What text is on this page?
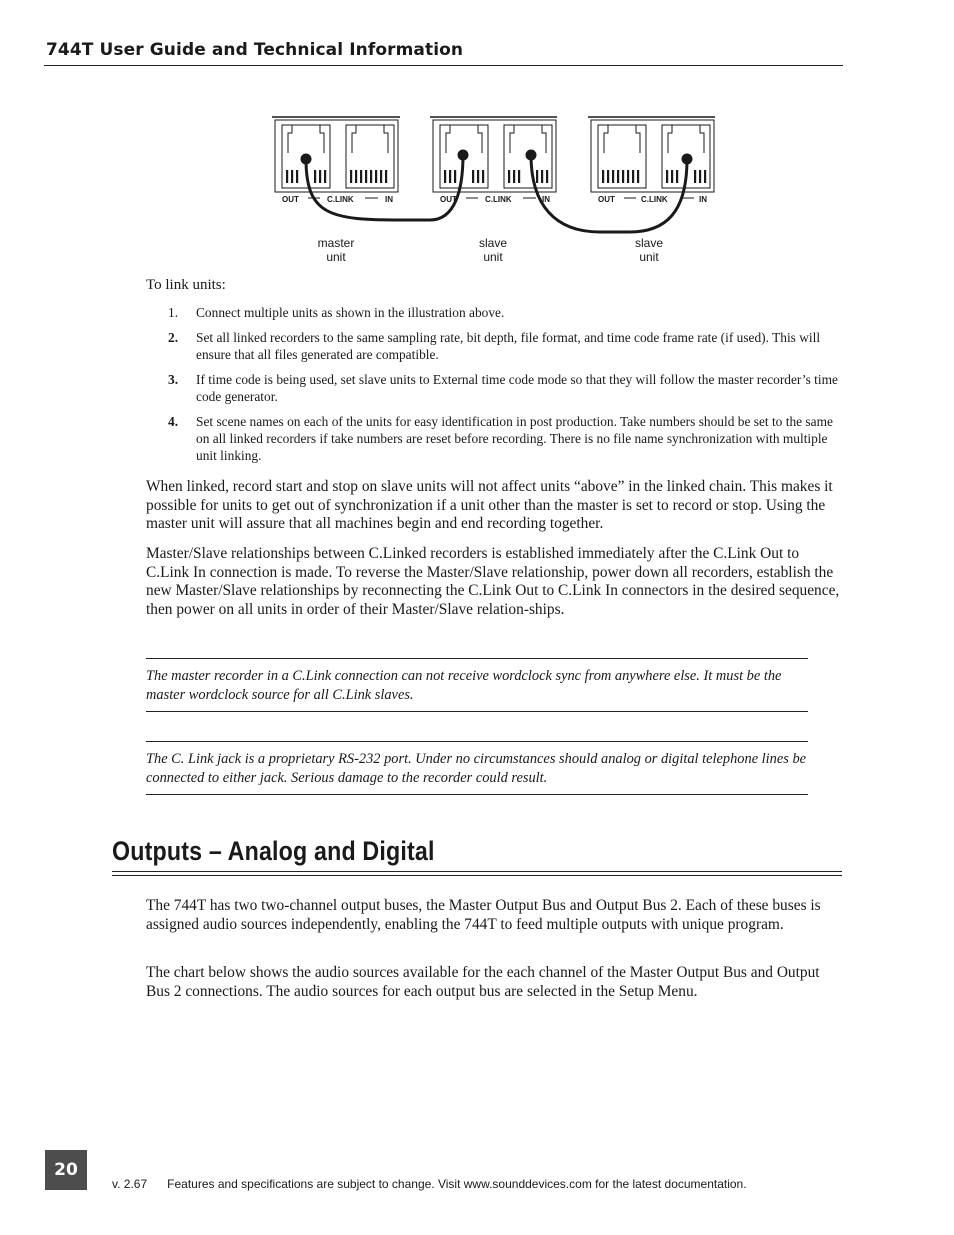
744T User Guide and Technical Information
OUT	C.LINK	IN	OUT	C.LINK	IN	OUT	C.LINK	IN
master
unit
slave
unit
slave
unit
To link units:
1. Connect multiple units as shown in the illustration above.
2. Set all linked recorders to the same sampling rate, bit depth, file format, and time code frame rate (if used). This will ensure that all files generated are compatible.
3. If time code is being used, set slave units to External time code mode so that they will follow the master recorder’s time code generator.
4. Set scene names on each of the units for easy identification in post production. Take numbers should be set to the same on all linked recorders if take numbers are reset before recording. There is no file name synchronization with multiple unit linking.
When linked, record start and stop on slave units will not affect units “above” in the linked chain. This makes it possible for units to get out of synchronization if a unit other than the master is set to record or stop. Using the master unit will assure that all machines begin and end recording together.
Master/Slave relationships between C.Linked recorders is established immediately after the C.Link Out to C.Link In connection is made. To reverse the Master/Slave relationship, power down all recorders, establish the new Master/Slave relationships by reconnecting the C.Link Out to C.Link In connectors in the desired sequence, then power on all units in order of their Master/Slave relation-ships.

The master recorder in a C.Link connection can not receive wordclock sync from anywhere else. It must be the master wordclock source for all C.Link slaves.

The C. Link jack is a proprietary RS-232 port. Under no circumstances should analog or digital telephone lines be connected to either jack. Serious damage to the recorder could result.

Outputs – Analog and Digital
The 744T has two two-channel output buses, the Master Output Bus and Output Bus 2. Each of these buses is assigned audio sources independently, enabling the 744T to feed multiple outputs with unique program.
The chart below shows the audio sources available for the each channel of the Master Output Bus and Output Bus 2 connections. The audio sources for each output bus are selected in the Setup Menu.
20
v. 2.67 Features and specifications are subject to change. Visit www.sounddevices.com for the latest documentation.
